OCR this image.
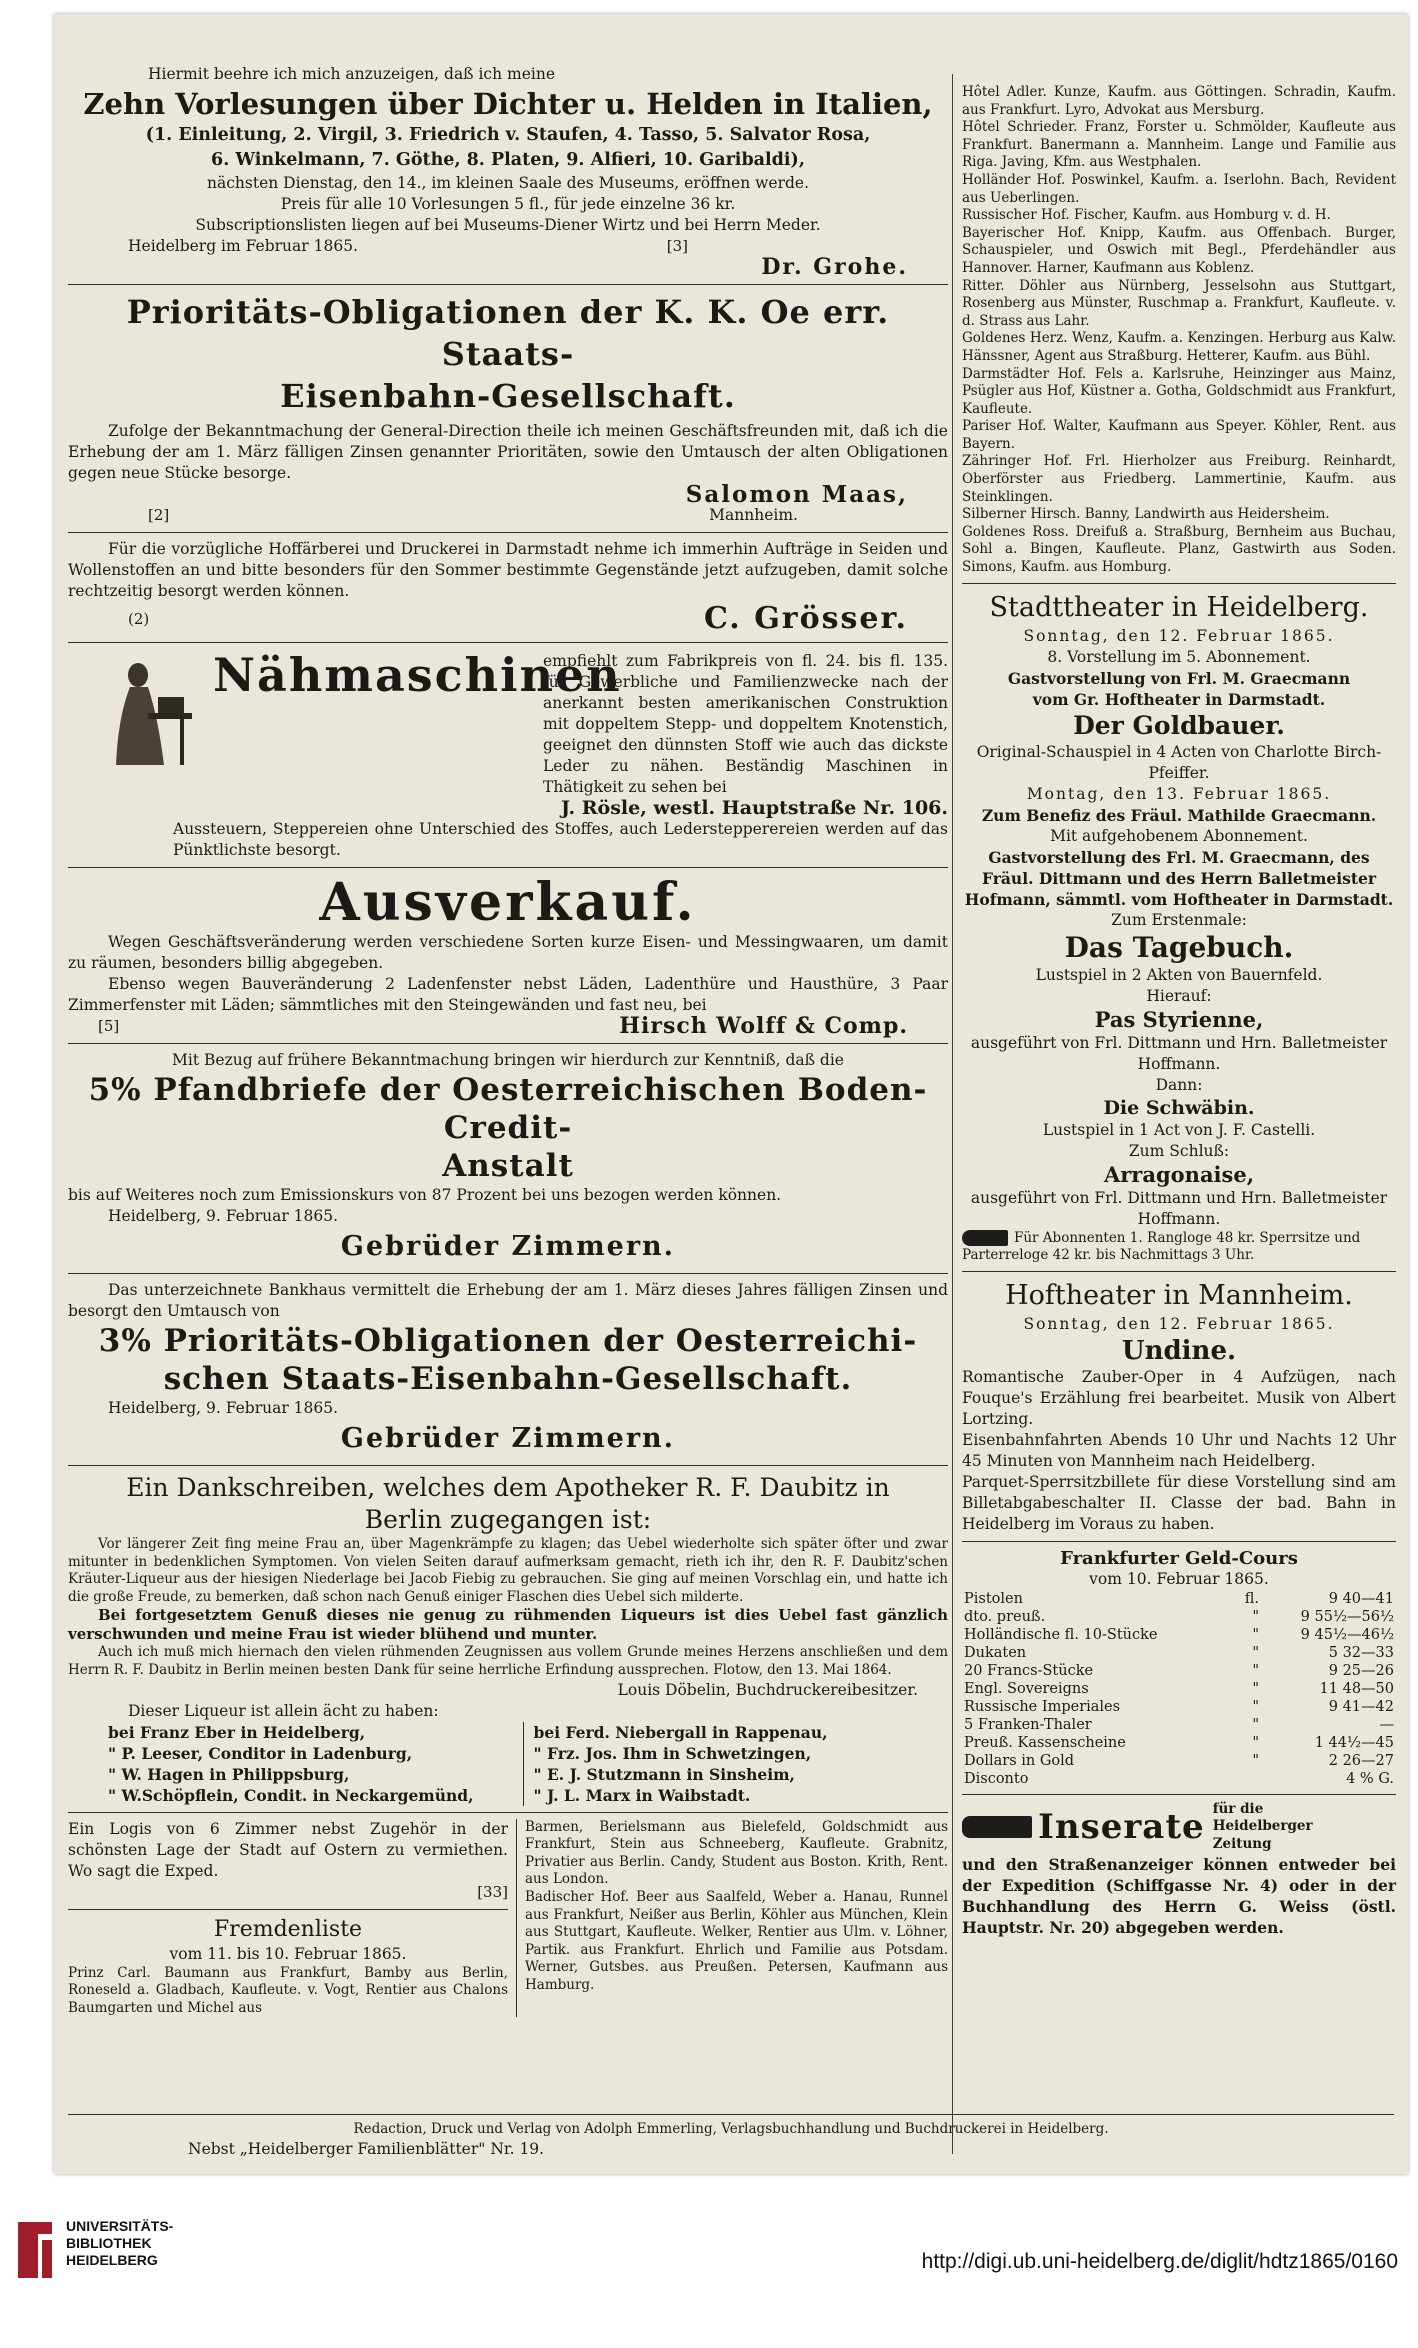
Hiermit beehre ich mich anzuzeigen, daß ich meine

Zehn Vorlesungen über Dichter u. Helden in Italien,

(1. Einleitung, 2. Virgil, 3. Friedrich v. Staufen, 4. Tasso, 5. Salvator Rosa,

6. Winkelmann, 7. Göthe, 8. Platen, 9. Alfieri, 10. Garibaldi),

nächsten Dienstag, den 14., im kleinen Saale des Museums, eröffnen werde.

Preis für alle 10 Vorlesungen 5 fl., für jede einzelne 36 kr.

Subscriptionslisten liegen auf bei Museums-Diener Wirtz und bei Herrn Meder.

Heidelberg im Februar 1865.	[3]

Dr. Grohe.

Prioritäts-Obligationen der K. K. Oe err. Staats-

Eisenbahn-Gesellschaft.

Zufolge der Bekanntmachung der General-Direction theile ich meinen Geschäftsfreunden mit, daß ich die Erhebung der am 1. März fälligen Zinsen genannter Prioritäten, sowie den Umtausch der alten Obligationen gegen neue Stücke besorge.

Salomon Maas,

[2]	Mannheim.

Für die vorzügliche Hoffärberei und Druckerei in Darmstadt nehme ich immerhin Aufträge in Seiden und Wollenstoffen an und bitte besonders für den Sommer bestimmte Gegenstände jetzt aufzugeben, damit solche rechtzeitig besorgt werden können.

(2)	C. Grösser.

Nähmaschinen

empfiehlt zum Fabrikpreis von fl. 24. bis fl. 135. für Gewerbliche und Familienzwecke nach der anerkannt besten amerikanischen Construktion mit doppeltem Stepp- und doppeltem Knotenstich, geeignet den dünnsten Stoff wie auch das dickste Leder zu nähen. Beständig Maschinen in Thätigkeit zu sehen bei

J. Rösle, westl. Hauptstraße Nr. 106.

Aussteuern, Steppereien ohne Unterschied des Stoffes, auch Lederstepperereien werden auf das Pünktlichste besorgt.

Ausverkauf.

Wegen Geschäftsveränderung werden verschiedene Sorten kurze Eisen- und Messingwaaren, um damit zu räumen, besonders billig abgegeben.

Ebenso wegen Bauveränderung 2 Ladenfenster nebst Läden, Ladenthüre und Hausthüre, 3 Paar Zimmerfenster mit Läden; sämmtliches mit den Steingewänden und fast neu, bei

[5]	Hirsch Wolff & Comp.

Mit Bezug auf frühere Bekanntmachung bringen wir hierdurch zur Kenntniß, daß die

5% Pfandbriefe der Oesterreichischen Boden-Credit-

Anstalt

bis auf Weiteres noch zum Emissionskurs von 87 Prozent bei uns bezogen werden können.

Heidelberg, 9. Februar 1865.

Gebrüder Zimmern.

Das unterzeichnete Bankhaus vermittelt die Erhebung der am 1. März dieses Jahres fälligen Zinsen und besorgt den Umtausch von

3% Prioritäts-Obligationen der Oesterreichi-

schen Staats-Eisenbahn-Gesellschaft.

Heidelberg, 9. Februar 1865.

Gebrüder Zimmern.

Ein Dankschreiben, welches dem Apotheker R. F. Daubitz in

Berlin zugegangen ist:

Vor längerer Zeit fing meine Frau an, über Magenkrämpfe zu klagen; das Uebel wiederholte sich später öfter und zwar mitunter in bedenklichen Symptomen. Von vielen Seiten darauf aufmerksam gemacht, rieth ich ihr, den R. F. Daubitz'schen Kräuter-Liqueur aus der hiesigen Niederlage bei Jacob Fiebig zu gebrauchen. Sie ging auf meinen Vorschlag ein, und hatte ich die große Freude, zu bemerken, daß schon nach Genuß einiger Flaschen dies Uebel sich milderte.

Bei fortgesetztem Genuß dieses nie genug zu rühmenden Liqueurs ist dies Uebel fast gänzlich verschwunden und meine Frau ist wieder blühend und munter.

Auch ich muß mich hiernach den vielen rühmenden Zeugnissen aus vollem Grunde meines Herzens anschließen und dem Herrn R. F. Daubitz in Berlin meinen besten Dank für seine herrliche Erfindung aussprechen. Flotow, den 13. Mai 1864.

Louis Döbelin, Buchdruckereibesitzer.

Dieser Liqueur ist allein ächt zu haben:

bei Franz Eber in Heidelberg,

" P. Leeser, Conditor in Ladenburg,

" W. Hagen in Philippsburg,

" W.Schöpflein, Condit. in Neckargemünd,

bei Ferd. Niebergall in Rappenau,

" Frz. Jos. Ihm in Schwetzingen,

" E. J. Stutzmann in Sinsheim,

" J. L. Marx in Waibstadt.

Ein Logis von 6 Zimmer nebst Zugehör in der schönsten Lage der Stadt auf Ostern zu vermiethen. Wo sagt die Exped.

[33]

Fremdenliste

vom 11. bis 10. Februar 1865.

Prinz Carl. Baumann aus Frankfurt, Bamby aus Berlin, Roneseld a. Gladbach, Kaufleute. v. Vogt, Rentier aus Chalons Baumgarten und Michel aus

Barmen, Berielsmann aus Bielefeld, Goldschmidt aus Frankfurt, Stein aus Schneeberg, Kaufleute. Grabnitz, Privatier aus Berlin. Candy, Student aus Boston. Krith, Rent. aus London.

Badischer Hof. Beer aus Saalfeld, Weber a. Hanau, Runnel aus Frankfurt, Neißer aus Berlin, Köhler aus München, Klein aus Stuttgart, Kaufleute. Welker, Rentier aus Ulm. v. Löhner, Partik. aus Frankfurt. Ehrlich und Familie aus Potsdam. Werner, Gutsbes. aus Preußen. Petersen, Kaufmann aus Hamburg.

Hôtel Adler. Kunze, Kaufm. aus Göttingen. Schradin, Kaufm. aus Frankfurt. Lyro, Advokat aus Mersburg.

Hôtel Schrieder. Franz, Forster u. Schmölder, Kaufleute aus Frankfurt. Banermann a. Mannheim. Lange und Familie aus Riga. Javing, Kfm. aus Westphalen.

Holländer Hof. Poswinkel, Kaufm. a. Iserlohn. Bach, Revident aus Ueberlingen.

Russischer Hof. Fischer, Kaufm. aus Homburg v. d. H.

Bayerischer Hof. Knipp, Kaufm. aus Offenbach. Burger, Schauspieler, und Oswich mit Begl., Pferdehändler aus Hannover. Harner, Kaufmann aus Koblenz.

Ritter. Döhler aus Nürnberg, Jesselsohn aus Stuttgart, Rosenberg aus Münster, Ruschmap a. Frankfurt, Kaufleute. v. d. Strass aus Lahr.

Goldenes Herz. Wenz, Kaufm. a. Kenzingen. Herburg aus Kalw. Hänssner, Agent aus Straßburg. Hetterer, Kaufm. aus Bühl.

Darmstädter Hof. Fels a. Karlsruhe, Heinzinger aus Mainz, Psügler aus Hof, Küstner a. Gotha, Goldschmidt aus Frankfurt, Kaufleute.

Pariser Hof. Walter, Kaufmann aus Speyer. Köhler, Rent. aus Bayern.

Zähringer Hof. Frl. Hierholzer aus Freiburg. Reinhardt, Oberförster aus Friedberg. Lammertinie, Kaufm. aus Steinklingen.

Silberner Hirsch. Banny, Landwirth aus Heidersheim.

Goldenes Ross. Dreifuß a. Straßburg, Bernheim aus Buchau, Sohl a. Bingen, Kaufleute. Planz, Gastwirth aus Soden. Simons, Kaufm. aus Homburg.

Stadttheater in Heidelberg.

Sonntag, den 12. Februar 1865.

8. Vorstellung im 5. Abonnement.

Gastvorstellung von Frl. M. Graecmann

vom Gr. Hoftheater in Darmstadt.

Der Goldbauer.

Original-Schauspiel in 4 Acten von Charlotte Birch-Pfeiffer.

Montag, den 13. Februar 1865.

Zum Benefiz des Fräul. Mathilde Graecmann.

Mit aufgehobenem Abonnement.

Gastvorstellung des Frl. M. Graecmann, des Fräul. Dittmann und des Herrn Balletmeister Hofmann, sämmtl. vom Hoftheater in Darmstadt.

Zum Erstenmale:

Das Tagebuch.

Lustspiel in 2 Akten von Bauernfeld.

Hierauf:

Pas Styrienne,

ausgeführt von Frl. Dittmann und Hrn. Balletmeister Hoffmann.

Dann:

Die Schwäbin.

Lustspiel in 1 Act von J. F. Castelli.

Zum Schluß:

Arragonaise,

ausgeführt von Frl. Dittmann und Hrn. Balletmeister Hoffmann.

Für Abonnenten 1. Rangloge 48 kr. Sperrsitze und Parterreloge 42 kr. bis Nachmittags 3 Uhr.

Hoftheater in Mannheim.

Sonntag, den 12. Februar 1865.

Undine.

Romantische Zauber-Oper in 4 Aufzügen, nach Fouque's Erzählung frei bearbeitet. Musik von Albert Lortzing.

Eisenbahnfahrten Abends 10 Uhr und Nachts 12 Uhr 45 Minuten von Mannheim nach Heidelberg.

Parquet-Sperrsitzbillete für diese Vorstellung sind am Billetabgabeschalter II. Classe der bad. Bahn in Heidelberg im Voraus zu haben.

Frankfurter Geld-Cours

vom 10. Februar 1865.

Pistolen	fl.	9 40—41
dto. preuß.	"	9 55½—56½
Holländische fl. 10-Stücke	"	9 45½—46½
Dukaten	"	5 32—33
20 Francs-Stücke	"	9 25—26
Engl. Sovereigns	"	11 48—50
Russische Imperiales	"	9 41—42
5 Franken-Thaler	"	—
Preuß. Kassenscheine	"	1 44½—45
Dollars in Gold	"	2 26—27
Disconto		4 % G.

Inserate für die Heidelberger Zeitung

und den Straßenanzeiger können entweder bei der Expedition (Schiffgasse Nr. 4) oder in der Buchhandlung des Herrn G. Weiss (östl. Hauptstr. Nr. 20) abgegeben werden.

Redaction, Druck und Verlag von Adolph Emmerling, Verlagsbuchhandlung und Buchdruckerei in Heidelberg.

Nebst „Heidelberger Familienblätter" Nr. 19.

UNIVERSITÄTS-
BIBLIOTHEK
HEIDELBERG	http://digi.ub.uni-heidelberg.de/diglit/hdtz1865/0160
